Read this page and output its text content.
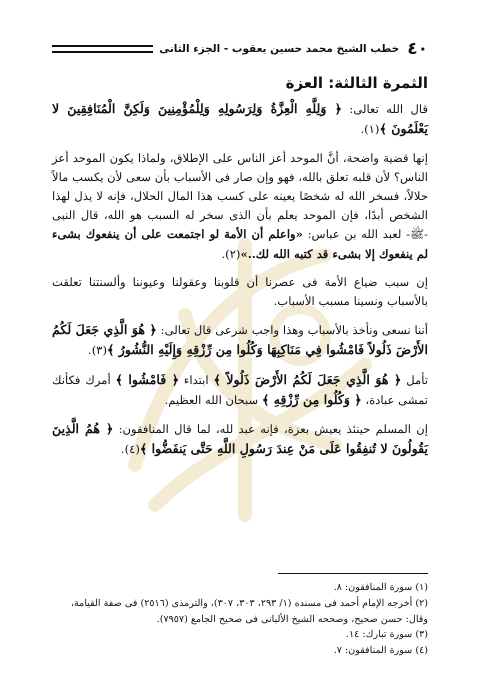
٤٠
خطب الشيخ محمد حسين يعقوب - الجزء الثانى
الثمرة الثالثة: العزة

قال الله تعالى: ﴿ وَلِلَّهِ الْعِزَّةُ وَلِرَسُولِهِ وَلِلْمُؤْمِنِينَ وَلَكِنَّ الْمُنَافِقِينَ لا يَعْلَمُونَ ﴾(١).

إنها قضية واضحة، أنَّ الموحد أعز الناس على الإطلاق، ولماذا يكون الموحد أعز الناس؟ لأن قلبه تعلق بالله، فهو وإن صار فى الأسباب بأن سعى لأن يكسب مالاً حلالاً، فسخر الله له شخصًا يعينه على كسب هذا المال الحلال، فإنه لا يذل لهذا الشخص أبدًا، فإن الموحد يعلم بأن الذى سخر له السبب هو الله، قال النبى -ﷺ- لعبد الله بن عباس: «واعلم أن الأمة لو اجتمعت على أن ينفعوك بشىء لم ينفعوك إلا بشىء قد كتبه الله لك..»(٢).

إن سبب ضياع الأمة فى عصرنا أن قلوبنا وعقولنا وعيوننا وألسنتنا تعلقت بالأسباب ونسينا مسبب الأسباب.

أننا نسعى ونأخذ بالأسباب وهذا واجب شرعى قال تعالى: ﴿ هُوَ الَّذِي جَعَلَ لَكُمُ الأَرْضَ ذَلُولاً فَامْشُوا فِي مَنَاكِبِهَا وَكُلُوا مِن رِّزْقِهِ وَإِلَيْهِ النُّشُورُ ﴾(٣).

تأمل ﴿ هُوَ الَّذِي جَعَلَ لَكُمُ الأَرْضَ ذَلُولاً ﴾ ابتداء ﴿ فَامْشُوا ﴾ أمرك فكأنك تمشى عبادة، ﴿ وَكُلُوا مِن رِّزْقِهِ ﴾ سبحان الله العظيم.

إن المسلم حينئذ يعيش بعزة، فإنه عبد لله، لما قال المنافقون: ﴿ هُمُ الَّذِينَ يَقُولُونَ لا تُنفِقُوا عَلَى مَنْ عِندَ رَسُولِ اللَّهِ حَتَّى يَنفَضُّوا ﴾(٤).

(١) سورة المنافقون: ٨.
(٢) أخرجه الإمام أحمد فى مسنده (١/ ٢٩٣، ٣٠٣، ٣٠٧)، والترمذى (٢٥١٦) فى صفة القيامة، وقال: حسن صحيح، وصححه الشيخ الألبانى فى صحيح الجامع (٧٩٥٧).
(٣) سورة تبارك: ١٤.
(٤) سورة المنافقون: ٧.
